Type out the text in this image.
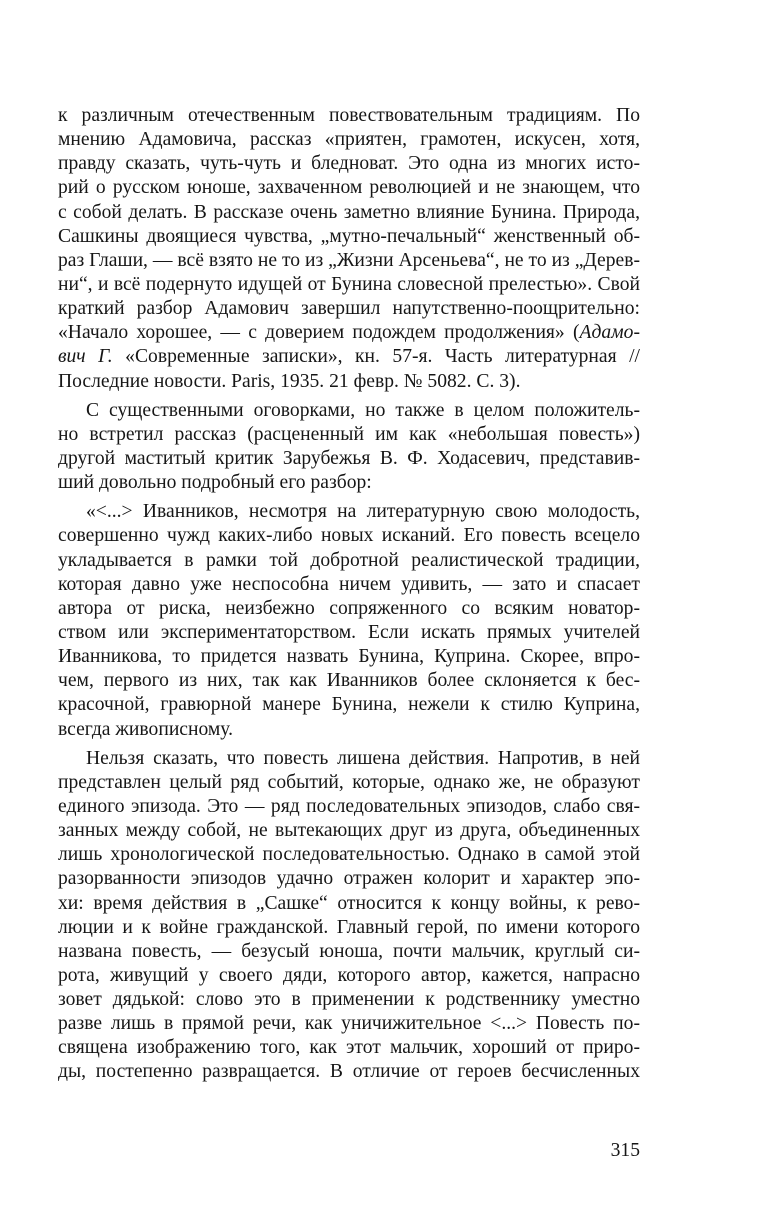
к различным отечественным повествовательным традициям. По
мнению Адамовича, рассказ «приятен, грамотен, искусен, хотя,
правду сказать, чуть-чуть и бледноват. Это одна из многих исто-
рий о русском юноше, захваченном революцией и не знающем, что
с собой делать. В рассказе очень заметно влияние Бунина. Природа,
Сашкины двоящиеся чувства, „мутно-печальный“ женственный об-
раз Глаши, — всё взято не то из „Жизни Арсеньева“, не то из „Дерев-
ни“, и всё подернуто идущей от Бунина словесной прелестью». Свой
краткий разбор Адамович завершил напутственно-поощрительно:
«Начало хорошее, — с доверием подождем продолжения» (Адамо-
вич Г. «Современные записки», кн. 57-я. Часть литературная //
Последние новости. Paris, 1935. 21 февр. № 5082. С. 3).
С существенными оговорками, но также в целом положитель-
но встретил рассказ (расцененный им как «небольшая повесть»)
другой маститый критик Зарубежья В. Ф. Ходасевич, представив-
ший довольно подробный его разбор:
«<...> Иванников, несмотря на литературную свою молодость,
совершенно чужд каких-либо новых исканий. Его повесть всецело
укладывается в рамки той добротной реалистической традиции,
которая давно уже неспособна ничем удивить, — зато и спасает
автора от риска, неизбежно сопряженного со всяким новатор-
ством или экспериментаторством. Если искать прямых учителей
Иванникова, то придется назвать Бунина, Куприна. Скорее, впро-
чем, первого из них, так как Иванников более склоняется к бес-
красочной, гравюрной манере Бунина, нежели к стилю Куприна,
всегда живописному.
Нельзя сказать, что повесть лишена действия. Напротив, в ней
представлен целый ряд событий, которые, однако же, не образуют
единого эпизода. Это — ряд последовательных эпизодов, слабо свя-
занных между собой, не вытекающих друг из друга, объединенных
лишь хронологической последовательностью. Однако в самой этой
разорванности эпизодов удачно отражен колорит и характер эпо-
хи: время действия в „Сашке“ относится к концу войны, к рево-
люции и к войне гражданской. Главный герой, по имени которого
названа повесть, — безусый юноша, почти мальчик, круглый си-
рота, живущий у своего дяди, которого автор, кажется, напрасно
зовет дядькой: слово это в применении к родственнику уместно
разве лишь в прямой речи, как уничижительное <...> Повесть по-
священа изображению того, как этот мальчик, хороший от приро-
ды, постепенно развращается. В отличие от героев бесчисленных
315
